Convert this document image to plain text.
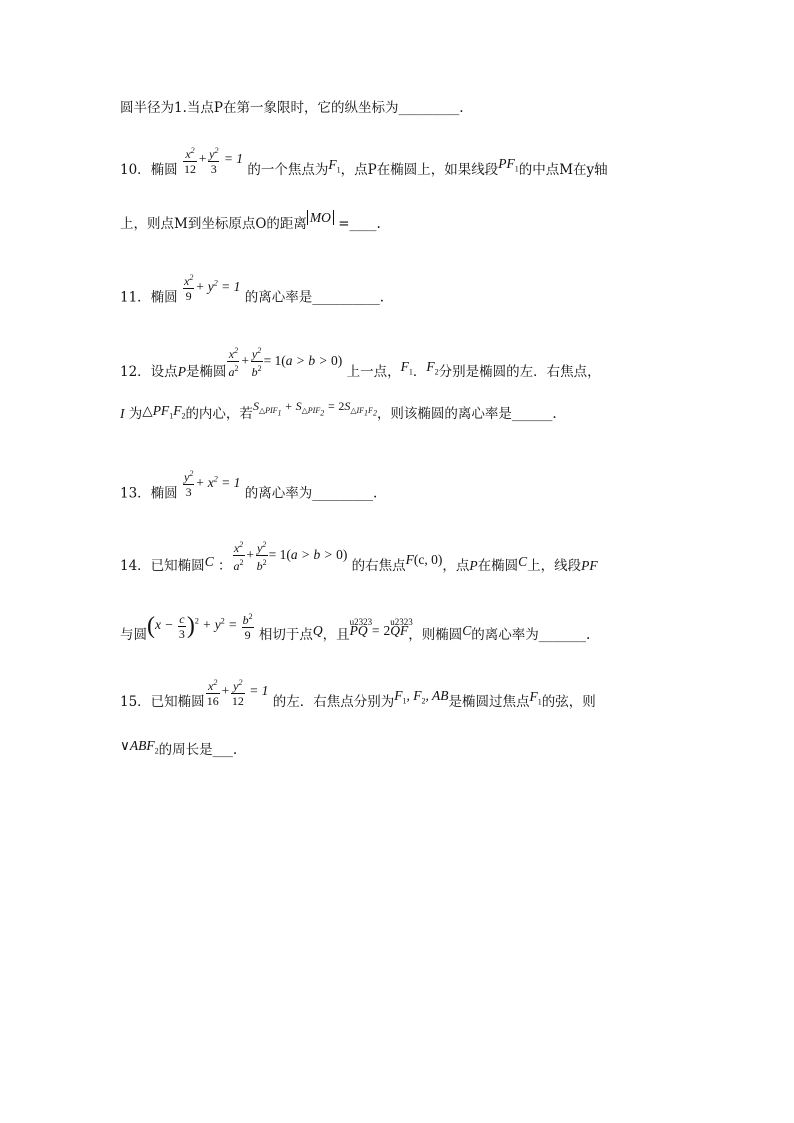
圆半径为1.当点P在第一象限时，它的纵坐标为_________.
10．椭圆 $\frac{x^2}{12} + \frac{y^2}{3} = 1$ 的一个焦点为$F_1$，点P在椭圆上，如果线段$PF_1$的中点M在y轴
上，则点M到坐标原点O的距离 MO =____.
11．椭圆 $\frac{x^2}{9} + y^2 = 1$ 的离心率是__________.
12．设点P是椭圆 $\frac{x^2}{a^2} + \frac{y^2}{b^2} = 1(a > b > 0)$ 上一点，$F_1$．$F_2$分别是椭圆的左．右焦点，
I 为$\triangle PF_1F_2$的内心，若$S_{\triangle PIF_1} + S_{\triangle PIF_2} = 2S_{\triangle IF_1F_2}$，则该椭圆的离心率是______.
13．椭圆 $\frac{y^2}{3} + x^2 = 1$ 的离心率为_________.
14．已知椭圆C ： $\frac{x^2}{a^2} + \frac{y^2}{b^2} = 1(a > b > 0)$ 的右焦点F(c, 0)，点P在椭圆C上，线段PF
与圆$(x - \frac{c}{3} )^2 + y^2 = \frac{b^2}{9}$ 相切于点Q，且u2323 PQ = 2u2323 QF，则椭圆C的离心率为_______.
15．已知椭圆 $\frac{x^2}{16} + \frac{y^2}{12} = 1$ 的左．右焦点分别为$F_1$, $F_2$, AB是椭圆过焦点$F_1$的弦，则
$\vee ABF_2$的周长是___.
